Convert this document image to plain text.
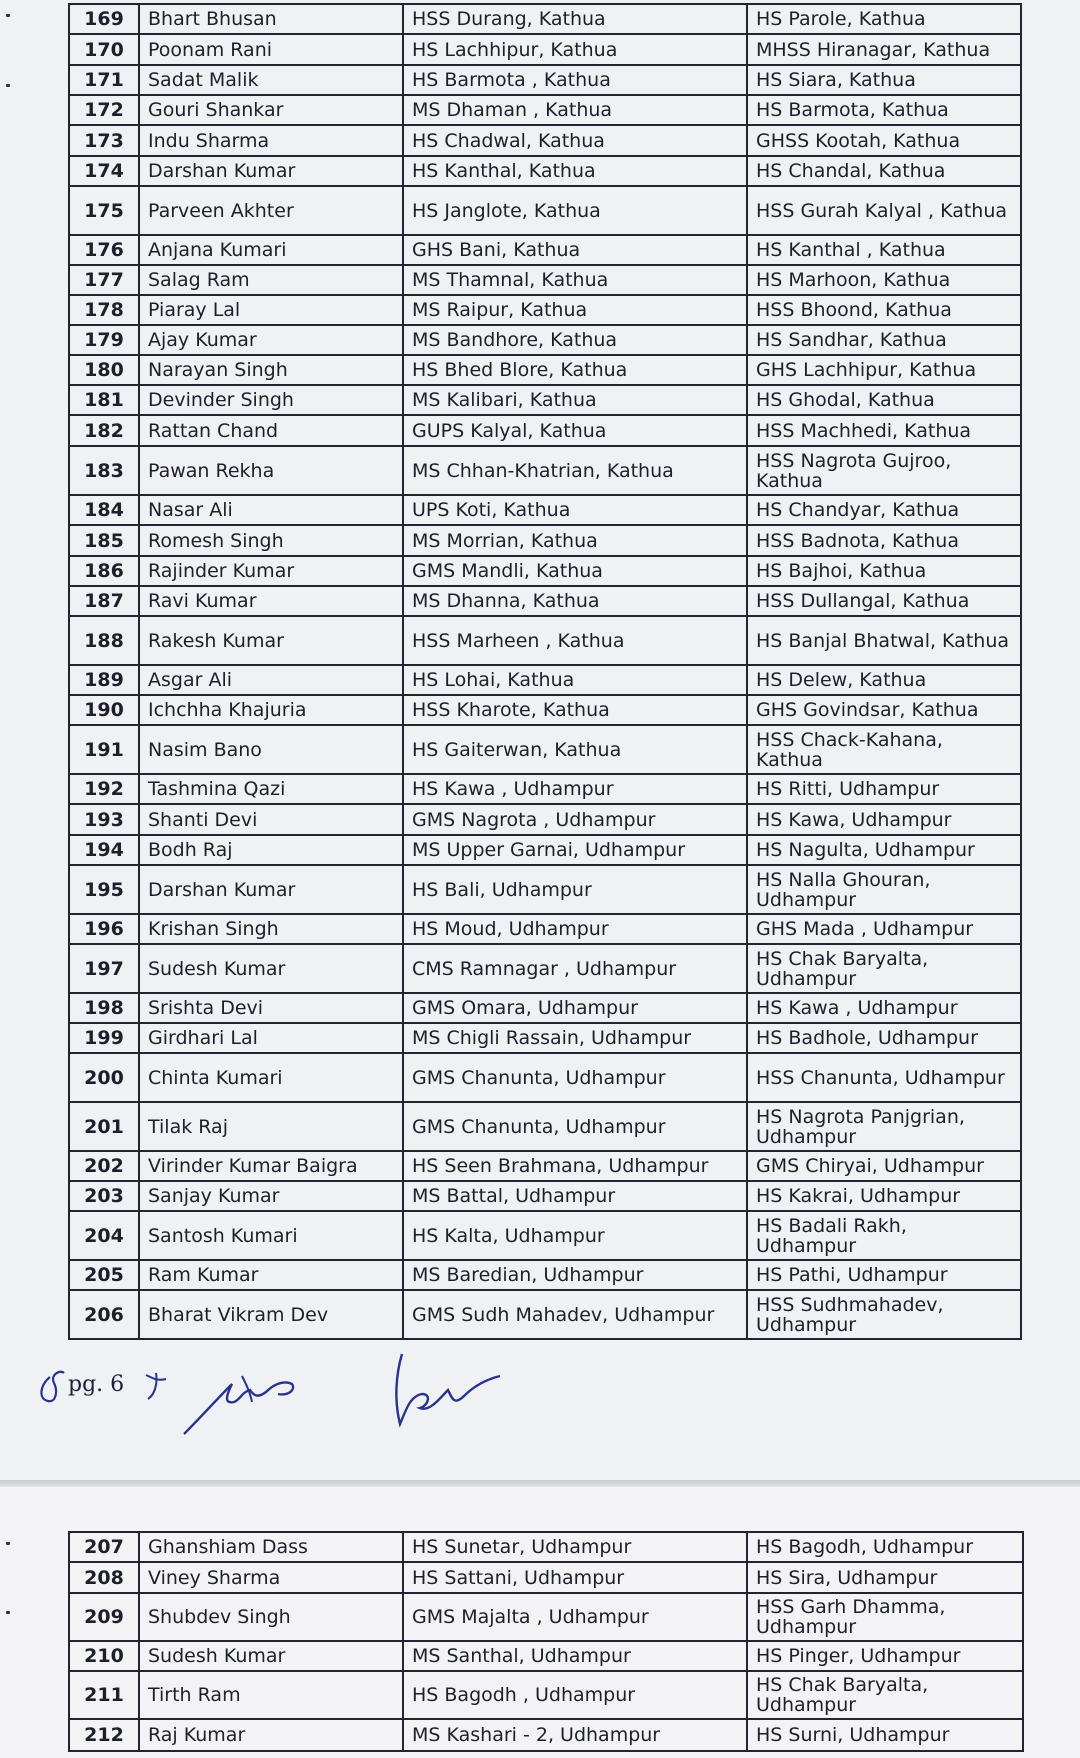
169	Bhart Bhusan	HSS Durang, Kathua	HS Parole, Kathua
170	Poonam Rani	HS Lachhipur, Kathua	MHSS Hiranagar, Kathua
171	Sadat Malik	HS Barmota , Kathua	HS Siara, Kathua
172	Gouri Shankar	MS Dhaman , Kathua	HS Barmota, Kathua
173	Indu Sharma	HS Chadwal, Kathua	GHSS Kootah, Kathua
174	Darshan Kumar	HS Kanthal, Kathua	HS Chandal, Kathua
175	Parveen Akhter	HS Janglote, Kathua	HSS Gurah Kalyal , Kathua
176	Anjana Kumari	GHS Bani, Kathua	HS Kanthal , Kathua
177	Salag Ram	MS Thamnal, Kathua	HS Marhoon, Kathua
178	Piaray Lal	MS Raipur, Kathua	HSS Bhoond, Kathua
179	Ajay Kumar	MS Bandhore, Kathua	HS Sandhar, Kathua
180	Narayan Singh	HS Bhed Blore, Kathua	GHS Lachhipur, Kathua
181	Devinder Singh	MS Kalibari, Kathua	HS Ghodal, Kathua
182	Rattan Chand	GUPS Kalyal, Kathua	HSS Machhedi, Kathua
183	Pawan Rekha	MS Chhan-Khatrian, Kathua	HSS Nagrota Gujroo, Kathua
184	Nasar Ali	UPS Koti, Kathua	HS Chandyar, Kathua
185	Romesh Singh	MS Morrian, Kathua	HSS Badnota, Kathua
186	Rajinder Kumar	GMS Mandli, Kathua	HS Bajhoi, Kathua
187	Ravi Kumar	MS Dhanna, Kathua	HSS Dullangal, Kathua
188	Rakesh Kumar	HSS Marheen , Kathua	HS Banjal Bhatwal, Kathua
189	Asgar Ali	HS Lohai, Kathua	HS Delew, Kathua
190	Ichchha Khajuria	HSS Kharote, Kathua	GHS Govindsar, Kathua
191	Nasim Bano	HS Gaiterwan, Kathua	HSS Chack-Kahana, Kathua
192	Tashmina Qazi	HS Kawa , Udhampur	HS Ritti, Udhampur
193	Shanti Devi	GMS Nagrota , Udhampur	HS Kawa, Udhampur
194	Bodh Raj	MS Upper Garnai, Udhampur	HS Nagulta, Udhampur
195	Darshan Kumar	HS Bali, Udhampur	HS Nalla Ghouran, Udhampur
196	Krishan Singh	HS Moud, Udhampur	GHS Mada , Udhampur
197	Sudesh Kumar	CMS Ramnagar , Udhampur	HS Chak Baryalta, Udhampur
198	Srishta Devi	GMS Omara, Udhampur	HS Kawa , Udhampur
199	Girdhari Lal	MS Chigli Rassain, Udhampur	HS Badhole, Udhampur
200	Chinta Kumari	GMS Chanunta, Udhampur	HSS Chanunta, Udhampur
201	Tilak Raj	GMS Chanunta, Udhampur	HS Nagrota Panjgrian, Udhampur
202	Virinder Kumar Baigra	HS Seen Brahmana, Udhampur	GMS Chiryai, Udhampur
203	Sanjay Kumar	MS Battal, Udhampur	HS Kakrai, Udhampur
204	Santosh Kumari	HS Kalta, Udhampur	HS Badali Rakh, Udhampur
205	Ram Kumar	MS Baredian, Udhampur	HS Pathi, Udhampur
206	Bharat Vikram Dev	GMS Sudh Mahadev, Udhampur	HSS Sudhmahadev, Udhampur
pg. 6
207	Ghanshiam Dass	HS Sunetar, Udhampur	HS Bagodh, Udhampur
208	Viney Sharma	HS Sattani, Udhampur	HS Sira, Udhampur
209	Shubdev Singh	GMS Majalta , Udhampur	HSS Garh Dhamma, Udhampur
210	Sudesh Kumar	MS Santhal, Udhampur	HS Pinger, Udhampur
211	Tirth Ram	HS Bagodh , Udhampur	HS Chak Baryalta, Udhampur
212	Raj Kumar	MS Kashari - 2, Udhampur	HS Surni, Udhampur
